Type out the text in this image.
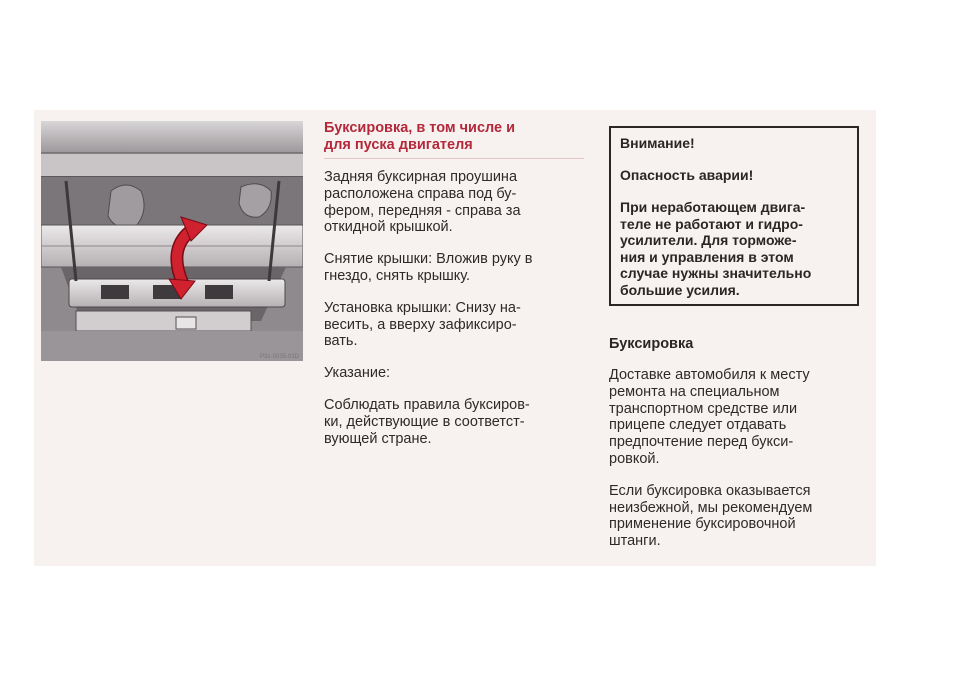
P31-0035-01D
Буксировка, в том числе и
для пуска двигателя

Задняя буксирная проушина
расположена справа под бу-
фером, передняя - справа за
откидной крышкой.

Снятие крышки: Вложив руку в
гнездо, снять крышку.

Установка крышки: Снизу на-
весить, а вверху зафиксиро-
вать.

Указание:

Соблюдать правила буксиров-
ки, действующие в соответст-
вующей стране.

Внимание!

Опасность аварии!

При неработающем двига-
теле не работают и гидро-
усилители. Для торможе-
ния и управления в этом
случае нужны значительно
большие усилия.

Буксировка

Доставке автомобиля к месту
ремонта на специальном
транспортном средстве или
прицепе следует отдавать
предпочтение перед букси-
ровкой.

Если буксировка оказывается
неизбежной, мы рекомендуем
применение буксировочной
штанги.
